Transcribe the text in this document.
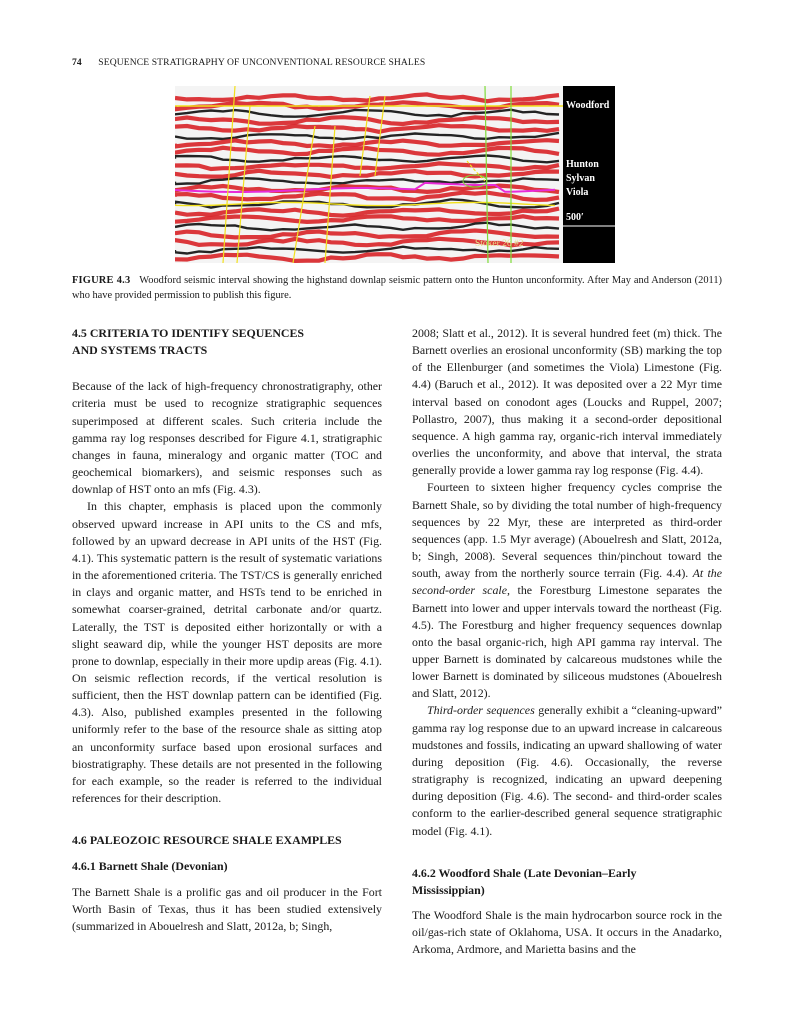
74 SEQUENCE STRATIGRAPHY OF UNCONVENTIONAL RESOURCE SHALES
Woodford
Hunton
Sylvan
Viola
500′
Stoker 26 #2
FIGURE 4.3 Woodford seismic interval showing the highstand downlap seismic pattern onto the Hunton unconformity. After May and Anderson (2011) who have provided permission to publish this figure.
4.5 CRITERIA TO IDENTIFY SEQUENCES
AND SYSTEMS TRACTS

Because of the lack of high-frequency chronostratigraphy, other criteria must be used to recognize stratigraphic sequences superimposed at different scales. Such criteria include the gamma ray log responses described for Figure 4.1, stratigraphic changes in fauna, mineralogy and organic matter (TOC and geochemical biomarkers), and seismic responses such as downlap of HST onto an mfs (Fig. 4.3).

In this chapter, emphasis is placed upon the commonly observed upward increase in API units to the CS and mfs, followed by an upward decrease in API units of the HST (Fig. 4.1). This systematic pattern is the result of systematic variations in the aforementioned criteria. The TST/CS is generally enriched in clays and organic matter, and HSTs tend to be enriched in somewhat coarser-grained, detrital carbonate and/or quartz. Laterally, the TST is deposited either horizontally or with a slight seaward dip, while the younger HST deposits are more prone to downlap, especially in their more updip areas (Fig. 4.1). On seismic reflection records, if the vertical resolution is sufficient, then the HST downlap pattern can be identified (Fig. 4.3). Also, published examples presented in the following uniformly refer to the base of the resource shale as sitting atop an unconformity surface based upon erosional surfaces and biostratigraphy. These details are not presented in the following for each example, so the reader is referred to the individual references for their description.

4.6 PALEOZOIC RESOURCE SHALE EXAMPLES
4.6.1 Barnett Shale (Devonian)

The Barnett Shale is a prolific gas and oil producer in the Fort Worth Basin of Texas, thus it has been studied extensively (summarized in Abouelresh and Slatt, 2012a, b; Singh,

2008; Slatt et al., 2012). It is several hundred feet (m) thick. The Barnett overlies an erosional unconformity (SB) marking the top of the Ellenburger (and sometimes the Viola) Limestone (Fig. 4.4) (Baruch et al., 2012). It was deposited over a 22 Myr time interval based on conodont ages (Loucks and Ruppel, 2007; Pollastro, 2007), thus making it a second-order depositional sequence. A high gamma ray, organic-rich interval immediately overlies the unconformity, and above that interval, the strata generally provide a lower gamma ray log response (Fig. 4.4).

Fourteen to sixteen higher frequency cycles comprise the Barnett Shale, so by dividing the total number of high-frequency sequences by 22 Myr, these are interpreted as third-order sequences (app. 1.5 Myr average) (Abouelresh and Slatt, 2012a, b; Singh, 2008). Several sequences thin/pinchout toward the south, away from the northerly source terrain (Fig. 4.4). At the second-order scale, the Forestburg Limestone separates the Barnett into lower and upper intervals toward the northeast (Fig. 4.5). The Forestburg and higher frequency sequences downlap onto the basal organic-rich, high API gamma ray interval. The upper Barnett is dominated by calcareous mudstones while the lower Barnett is dominated by siliceous mudstones (Abouelresh and Slatt, 2012).

Third-order sequences generally exhibit a “cleaning-upward” gamma ray log response due to an upward increase in calcareous mudstones and fossils, indicating an upward shallowing of water during deposition (Fig. 4.6). Occasionally, the reverse stratigraphy is recognized, indicating an upward deepening during deposition (Fig. 4.6). The second- and third-order scales conform to the earlier-described general sequence stratigraphic model (Fig. 4.1).

4.6.2 Woodford Shale (Late Devonian–Early
Mississippian)

The Woodford Shale is the main hydrocarbon source rock in the oil/gas-rich state of Oklahoma, USA. It occurs in the Anadarko, Arkoma, Ardmore, and Marietta basins and the
